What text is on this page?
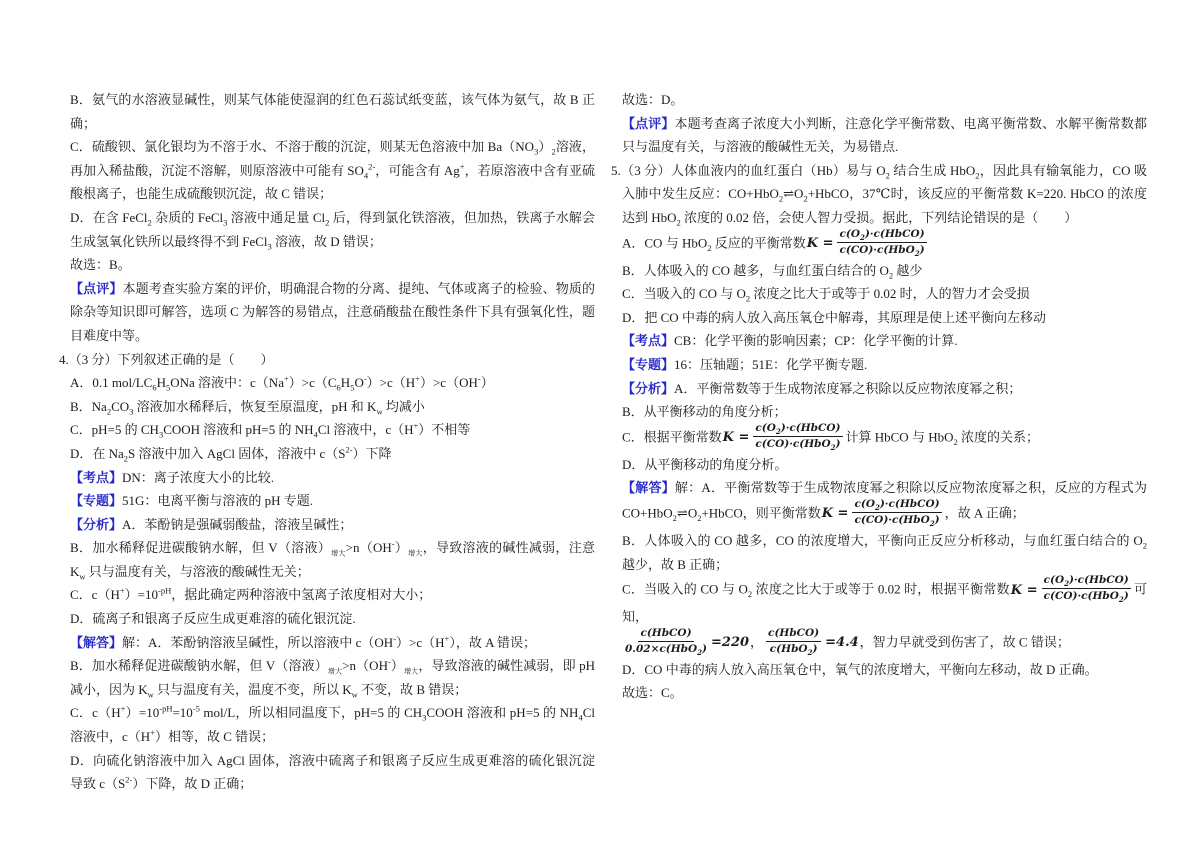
B．氨气的水溶液显碱性，则某气体能使湿润的红色石蕊试纸变蓝，该气体为氨气，故 B 正确；

C．硫酸钡、氯化银均为不溶于水、不溶于酸的沉淀，则某无色溶液中加 $Ba(NO_3)_2$溶液，再加入稀盐酸，沉淀不溶解，则原溶液中可能有 $SO_4^{2-}$，可能含有 Ag+，若原溶液中含有亚硫酸根离子，也能生成硫酸钡沉淀，故 C 错误；

D．在含 FeCl$_2$ 杂质的 FeCl$_3$ 溶液中通足量 $Cl_2$ 后，得到氯化铁溶液，但加热，铁离子水解会生成氢氧化铁所以最终得不到 FeCl$_3$ 溶液，故 D 错误；

故选：B。

【点评】本题考查实验方案的评价，明确混合物的分离、提纯、气体或离子的检验、物质的除杂等知识即可解答，选项 C 为解答的易错点，注意硝酸盐在酸性条件下具有强氧化性，题目难度中等。

4.（3 分）下列叙述正确的是（　　）

A．0.1 mol/$LC_6H_5ONa$ 溶液中：$c(Na^+)>c(C_6H_5O^-)>c(H^+)>c(OH^-)$

B．$Na_2CO_3$ 溶液加水稀释后，恢复至原温度，pH 和 $K_w$ 均减小

C．pH=5 的 $CH_3COOH$ 溶液和 pH=5 的 $NH_4Cl$ 溶液中，c（H+）不相等

D．在 $Na_2S$ 溶液中加入 AgCl 固体，溶液中 $c(S^{2-})$下降

【考点】DN：离子浓度大小的比较.

【专题】51G：电离平衡与溶液的 pH 专题.

【分析】A．苯酚钠是强碱弱酸盐，溶液呈碱性；

B．加水稀释促进碳酸钠水解，但 V（溶液）$_{增大}>n(OH^-)_{增大}$，导致溶液的碱性减弱，注意 $K_w$ 只与温度有关，与溶液的酸碱性无关；

C．$c(H^+)=10^{-pH}$，据此确定两种溶液中氢离子浓度相对大小；

D．硫离子和银离子反应生成更难溶的硫化银沉淀.

【解答】解：A．苯酚钠溶液呈碱性，所以溶液中 c（OH-）>c（H+），故 A 错误；

B．加水稀释促进碳酸钠水解，但 V（溶液）$_{增大}>n(OH^-)_{增大}$，导致溶液的碱性减弱，即 pH 减小，因为 $K_w$ 只与温度有关，温度不变，所以 $K_w$ 不变，故 B 错误；

C．$c(H^+)=10^{-pH}=10^{-5}$ mol/L，所以相同温度下，pH=5 的 $CH_3COOH$ 溶液和 pH=5 的 $NH_4Cl$ 溶液中，c（H+）相等，故 C 错误；

D．向硫化钠溶液中加入 AgCl 固体，溶液中硫离子和银离子反应生成更难溶的硫化银沉淀导致 $c(S^{2-})$下降，故 D 正确；

故选：D。

【点评】本题考查离子浓度大小判断，注意化学平衡常数、电离平衡常数、水解平衡常数都只与温度有关，与溶液的酸碱性无关，为易错点.

5.（3 分）人体血液内的血红蛋白（Hb）易与 $O_2$ 结合生成 HbO$_2$，因此具有输氧能力，CO 吸入肺中发生反应：$CO+HbO_2\rightleftharpoons O_2+HbCO$，37℃时，该反应的平衡常数 K=220. HbCO 的浓度达到 HbO$_2$ 浓度的 0.02 倍，会使人智力受损。据此，下列结论错误的是（　　）

A．CO 与 HbO$_2$ 反应的平衡常数$K = \frac{c(O_2)\cdot c(HbCO)}{c(CO)\cdot c(HbO_2)}$

B．人体吸入的 CO 越多，与血红蛋白结合的 $O_2$ 越少

C．当吸入的 CO 与 $O_2$ 浓度之比大于或等于 0.02 时，人的智力才会受损

D．把 CO 中毒的病人放入高压氧仓中解毒，其原理是使上述平衡向左移动

【考点】CB：化学平衡的影响因素；CP：化学平衡的计算.

【专题】16：压轴题；51E：化学平衡专题.

【分析】A．平衡常数等于生成物浓度幂之积除以反应物浓度幂之积；

B．从平衡移动的角度分析；

C．根据平衡常数$K = \frac{c(O_2)\cdot c(HbCO)}{c(CO)\cdot c(HbO_2)}$ 计算 HbCO 与 HbO$_2$ 浓度的关系；

D．从平衡移动的角度分析。

【解答】解：A．平衡常数等于生成物浓度幂之积除以反应物浓度幂之积，反应的方程式为 $CO+HbO_2\rightleftharpoons O_2+HbCO$，则平衡常数$K = \frac{c(O_2)\cdot c(HbCO)}{c(CO)\cdot c(HbO_2)}$ ，故 A 正确；

B．人体吸入的 CO 越多，CO 的浓度增大，平衡向正反应分析移动，与血红蛋白结合的 $O_2$ 越少，故 B 正确；

C．当吸入的 CO 与 $O_2$ 浓度之比大于或等于 0.02 时，根据平衡常数$K = \frac{c(O_2)\cdot c(HbCO)}{c(CO)\cdot c(HbO_2)}$ 可知，

$\frac{\text{c(HbCO)}}{0.02\times c(HbO_2)} =220$， $\frac{\text{c(HbCO)}}{c(HbO_2)} =4.4$，智力早就受到伤害了，故 C 错误；

D．CO 中毒的病人放入高压氧仓中，氧气的浓度增大，平衡向左移动，故 D 正确。

故选：C。
